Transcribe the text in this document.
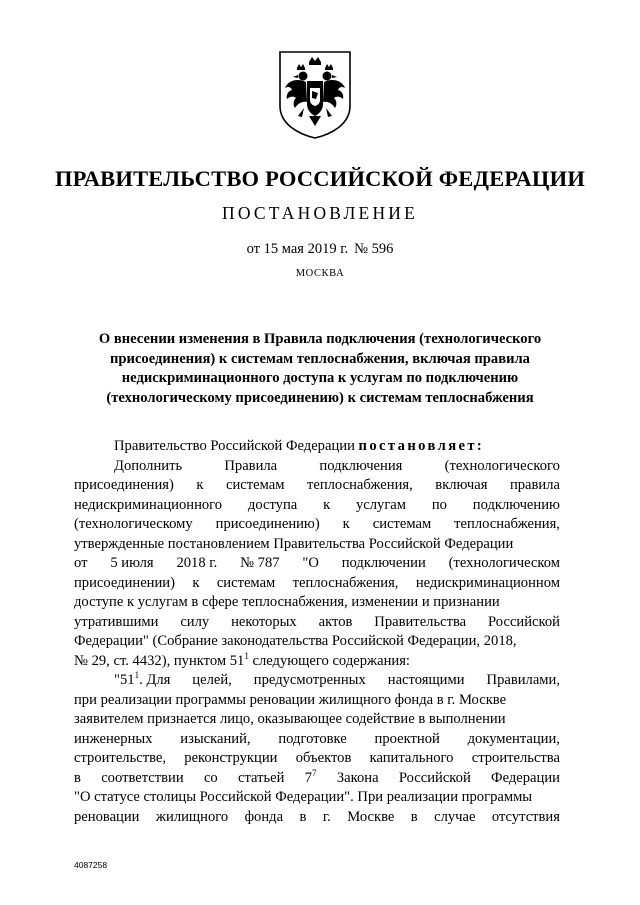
ПРАВИТЕЛЬСТВО РОССИЙСКОЙ ФЕДЕРАЦИИ
ПОСТАНОВЛЕНИЕ
от 15 мая 2019 г. № 596
МОСКВА
О внесении изменения в Правила подключения (технологического
присоединения) к системам теплоснабжения, включая правила
недискриминационного доступа к услугам по подключению
(технологическому присоединению) к системам теплоснабжения
Правительство Российской Федерации постановляет:
Дополнить	Правила	подключения	(технологического
присоединения) к системам теплоснабжения, включая правила
недискриминационного доступа к услугам по подключению
(технологическому присоединению) к системам теплоснабжения,
утвержденные постановлением Правительства Российской Федерации
от 5 июля 2018 г. № 787 "О подключении (технологическом
присоединении) к системам теплоснабжения, недискриминационном
доступе к услугам в сфере теплоснабжения, изменении и признании
утратившими силу некоторых актов Правительства Российской
Федерации" (Собрание законодательства Российской Федерации, 2018,
№ 29, ст. 4432), пунктом $51^1$ следующего содержания:
"$51^1$. Для целей, предусмотренных настоящими Правилами,
при реализации программы реновации жилищного фонда в г. Москве
заявителем признается лицо, оказывающее содействие в выполнении
инженерных изысканий, подготовке проектной документации,
строительстве, реконструкции объектов капитального строительства
в соответствии со статьей $7^7$ Закона Российской Федерации
"О статусе столицы Российской Федерации". При реализации программы
реновации жилищного фонда в г. Москве в случае отсутствия
4087258
